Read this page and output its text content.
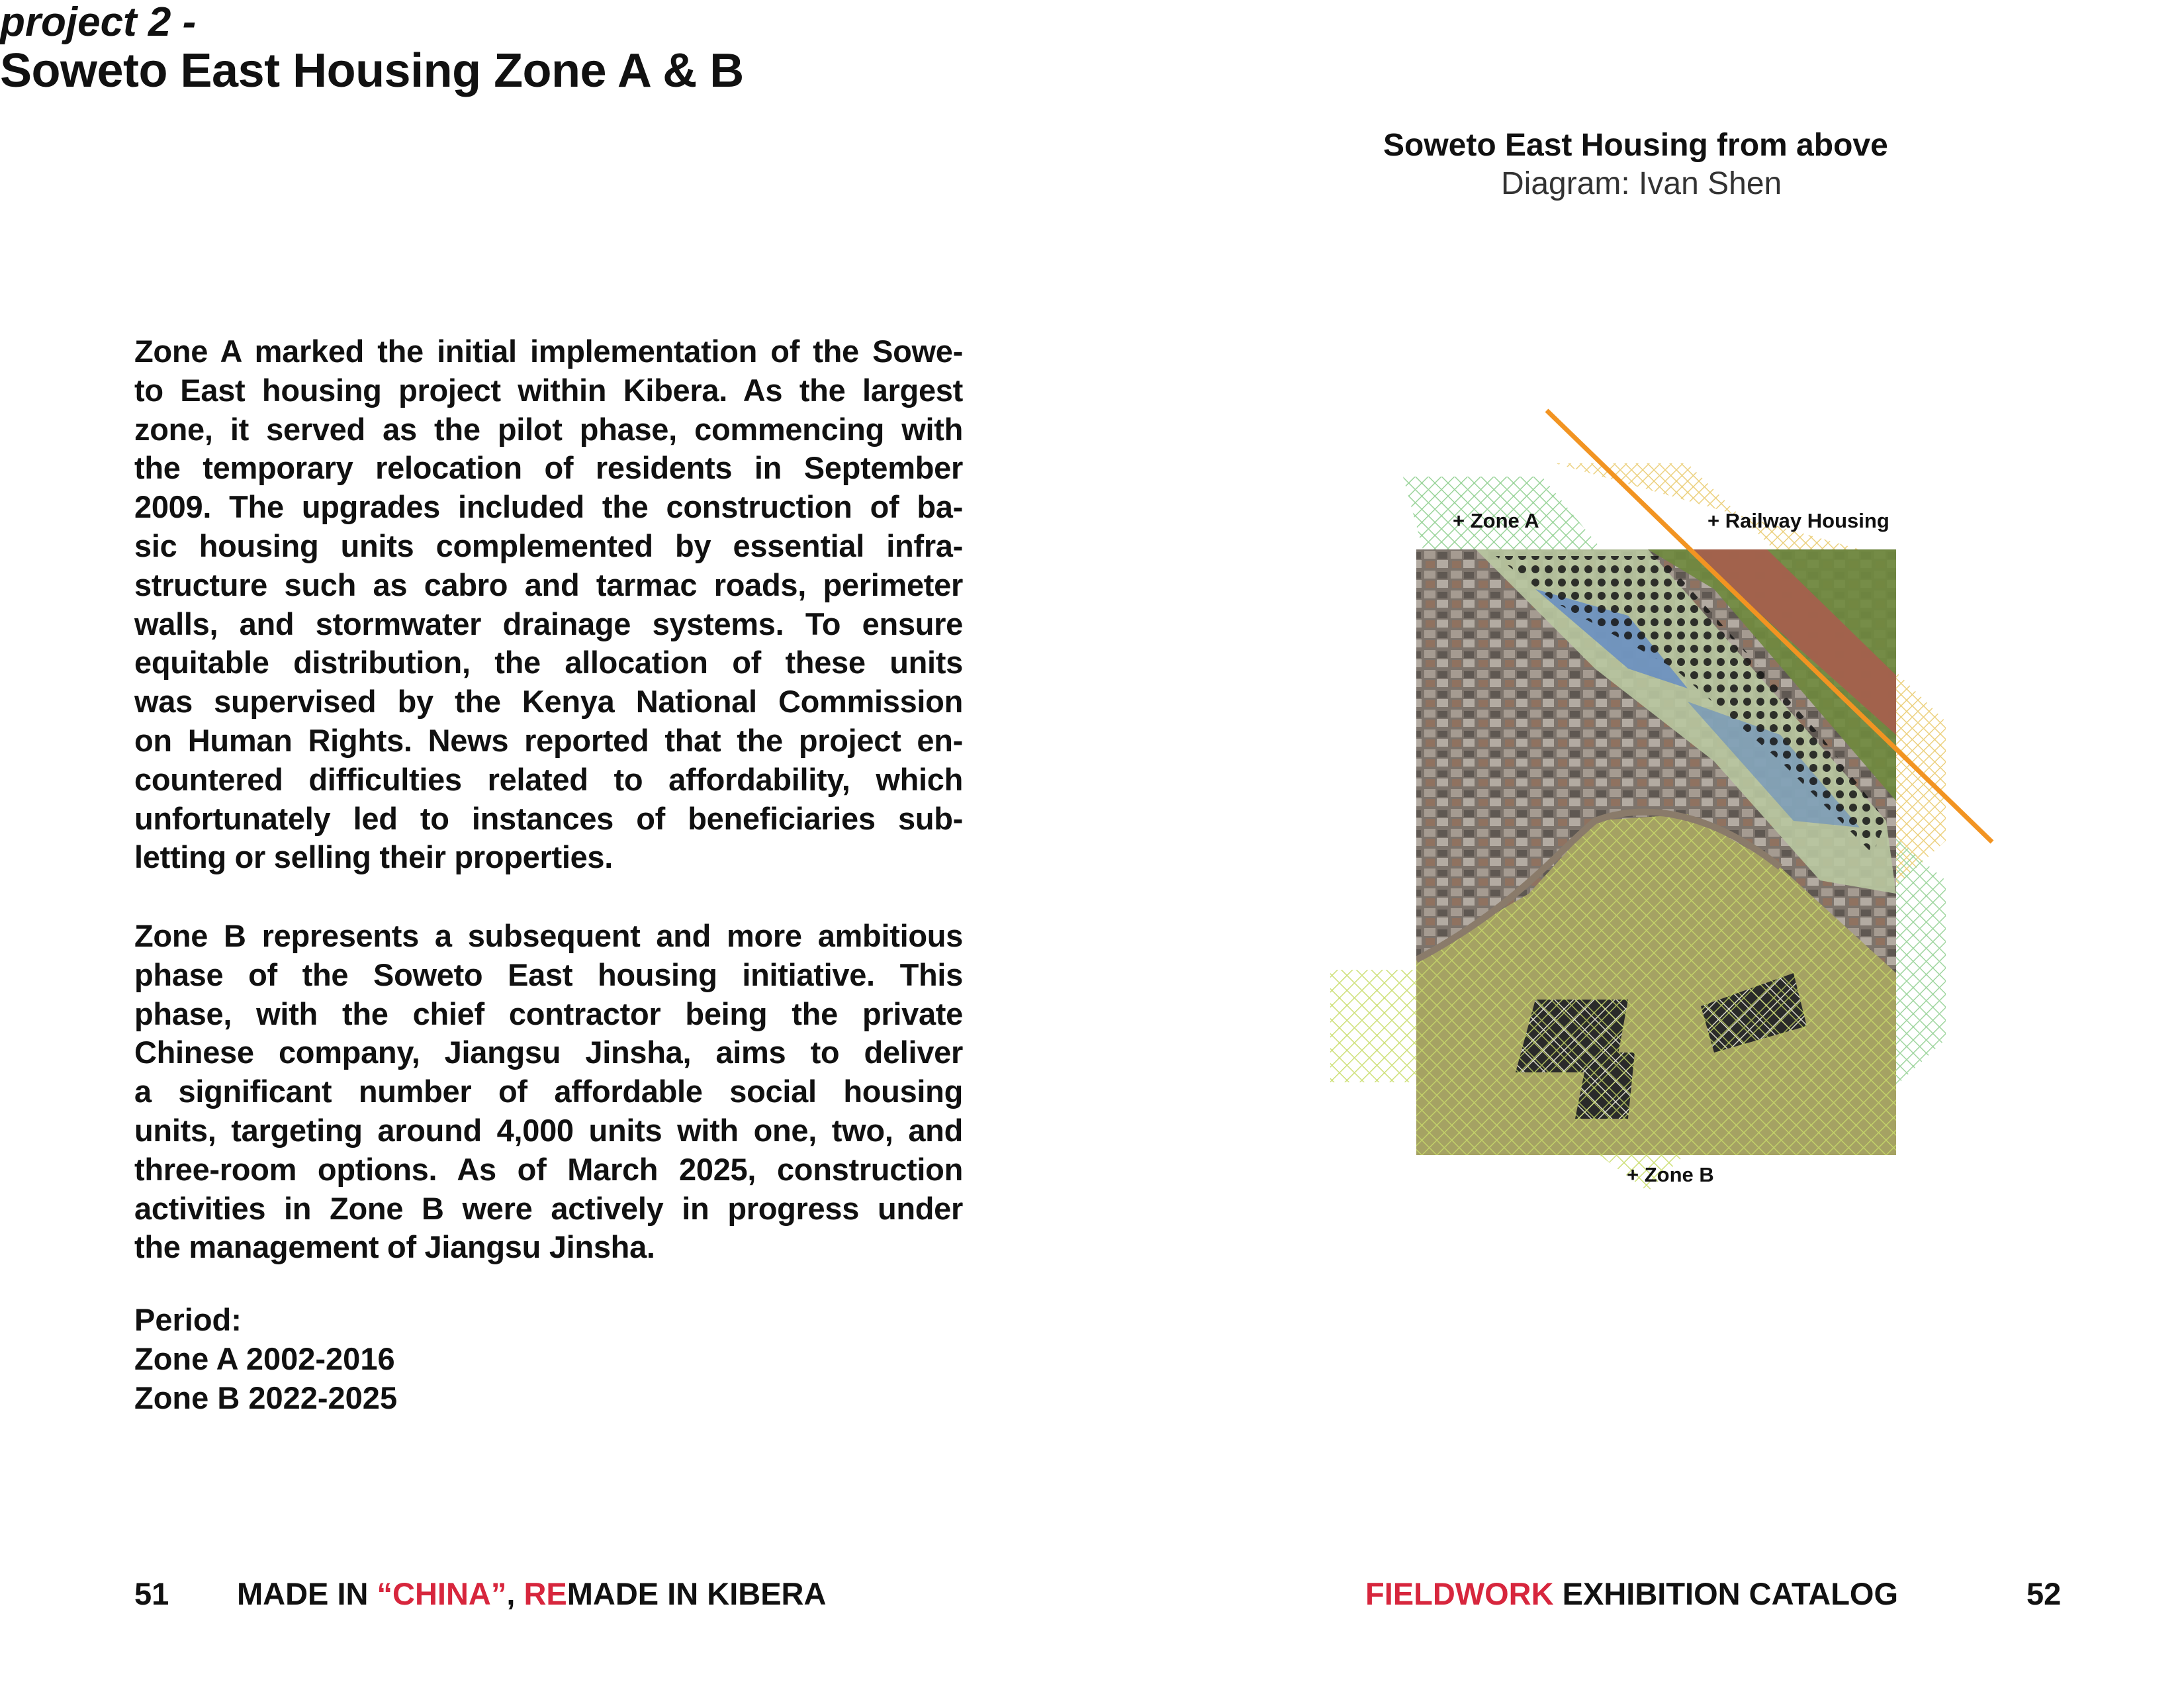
project 2 -
Soweto East Housing Zone A & B
Zone A marked the initial implementation of the Sowe-
to East housing project within Kibera. As the largest
zone, it served as the pilot phase, commencing with
the temporary relocation of residents in September
2009. The upgrades included the construction of ba-
sic housing units complemented by essential infra-
structure such as cabro and tarmac roads, perimeter
walls, and stormwater drainage systems. To ensure
equitable distribution, the allocation of these units
was supervised by the Kenya National Commission
on Human Rights. News reported that the project en-
countered difficulties related to affordability, which
unfortunately led to instances of beneficiaries sub-
letting or selling their properties.
Zone B represents a subsequent and more ambitious
phase of the Soweto East housing initiative. This
phase, with the chief contractor being the private
Chinese company, Jiangsu Jinsha, aims to deliver
a significant number of affordable social housing
units, targeting around 4,000 units with one, two, and
three-room options. As of March 2025, construction
activities in Zone B were actively in progress under
the management of Jiangsu Jinsha.
Period:
Zone A 2002-2016
Zone B 2022-2025
Soweto East Housing from above
Diagram: Ivan Shen
+ Zone A	+ Railway Housing
+ Zone B
51 MADE IN “CHINA”, REMADE IN KIBERA	FIELDWORK EXHIBITION CATALOG	52
